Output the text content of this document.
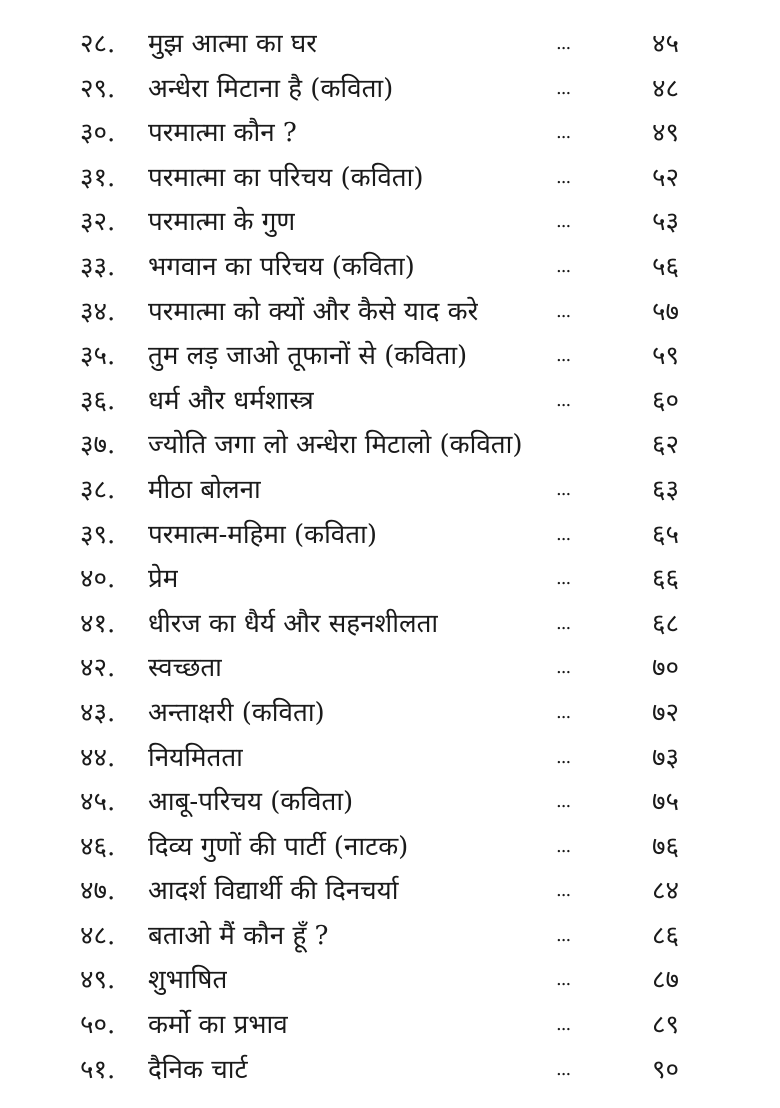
२८.	मुझ आत्मा का घर	...	४५
२९.	अन्धेरा मिटाना है (कविता)	...	४८
३०.	परमात्मा कौन ?	...	४९
३१.	परमात्मा का परिचय (कविता)	...	५२
३२.	परमात्मा के गुण	...	५३
३३.	भगवान का परिचय (कविता)	...	५६
३४.	परमात्मा को क्यों और कैसे याद करे	...	५७
३५.	तुम लड़ जाओ तूफानों से (कविता)	...	५९
३६.	धर्म और धर्मशास्त्र	...	६०
३७.	ज्योति जगा लो अन्धेरा मिटालो (कविता)	६२
३८.	मीठा बोलना	...	६३
३९.	परमात्म-महिमा (कविता)	...	६५
४०.	प्रेम	...	६६
४१.	धीरज का धैर्य और सहनशीलता	...	६८
४२.	स्वच्छता	...	७०
४३.	अन्ताक्षरी (कविता)	...	७२
४४.	नियमितता	...	७३
४५.	आबू-परिचय (कविता)	...	७५
४६.	दिव्य गुणों की पार्टी (नाटक)	...	७६
४७.	आदर्श विद्यार्थी की दिनचर्या	...	८४
४८.	बताओ मैं कौन हूँ ?	...	८६
४९.	शुभाषित	...	८७
५०.	कर्मो का प्रभाव	...	८९
५१.	दैनिक चार्ट	...	९०
